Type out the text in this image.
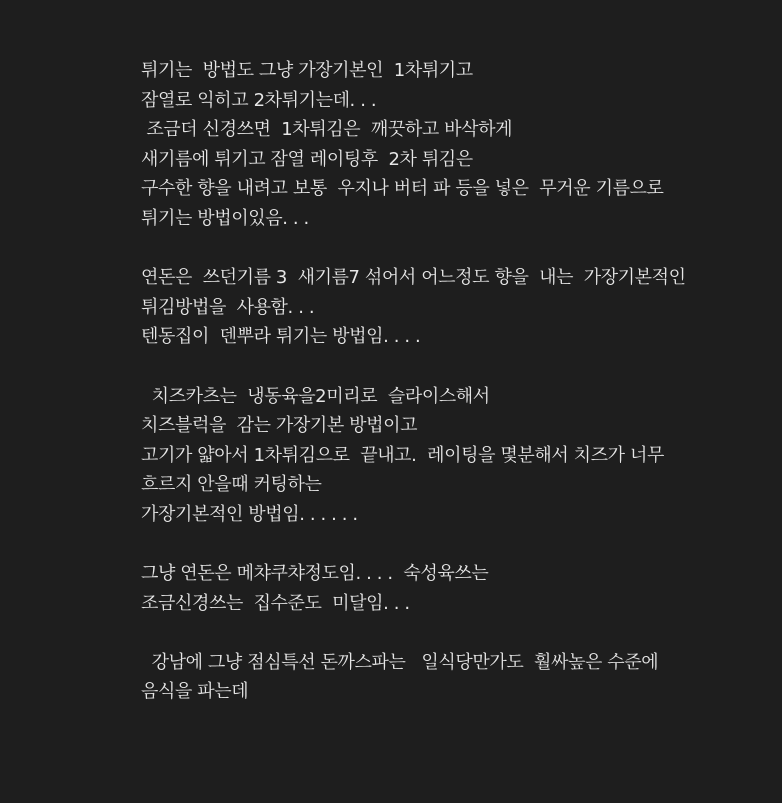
튀기는  방법도 그냥 가장기본인  1차튀기고
잠열로 익히고 2차튀기는데. . .
조금더 신경쓰면  1차튀김은  깨끗하고 바삭하게
새기름에 튀기고 잠열 레이팅후  2차 튀김은
구수한 향을 내려고 보통  우지나 버터 파 등을 넣은  무거운 기름으로
튀기는 방법이있음. . .
연돈은  쓰던기름 3  새기름7 섞어서 어느정도 향을  내는  가장기본적인
튀김방법을  사용함. . .
텐동집이  덴뿌라 튀기는 방법임. . . .
치즈카츠는  냉동육을2미리로  슬라이스해서
치즈블럭을  감는 가장기본 방법이고
고기가 얇아서 1차튀김으로  끝내고.  레이팅을 몇분해서 치즈가 너무
흐르지 안을때 커팅하는
가장기본적인 방법임. . . . . .
그냥 연돈은 메챠쿠챠정도임. . . .  숙성육쓰는
조금신경쓰는  집수준도  미달임. . .
강남에 그냥 점심특선 돈까스파는   일식당만가도  훨싸높은 수준에
음식을 파는데
